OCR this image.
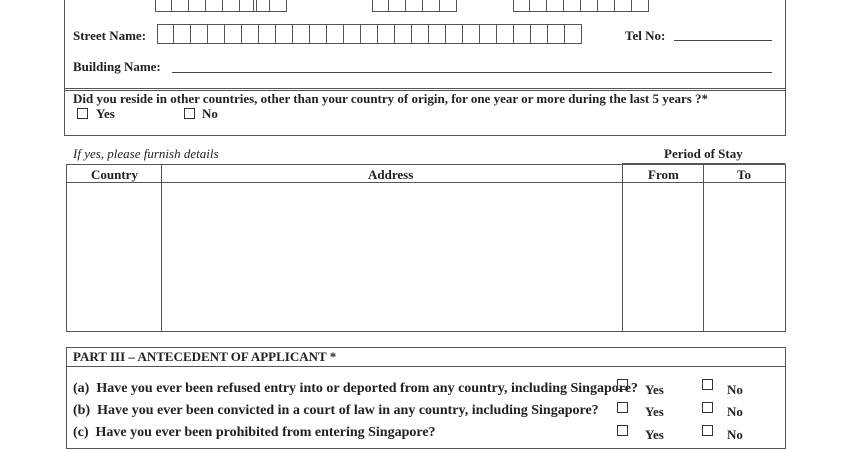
Street Name:	Tel No:
Building Name:
Did you reside in other countries, other than your country of origin, for one year or more during the last 5 years ?*
Yes	No
If yes, please furnish details	Period of Stay
Country	Address	From	To
PART III – ANTECEDENT OF APPLICANT *
(a)  Have you ever been refused entry into or deported from any country, including Singapore? Yes	No
(b)  Have you ever been convicted in a court of law in any country, including Singapore?	Yes	No
(c)  Have you ever been prohibited from entering Singapore?	Yes	No
